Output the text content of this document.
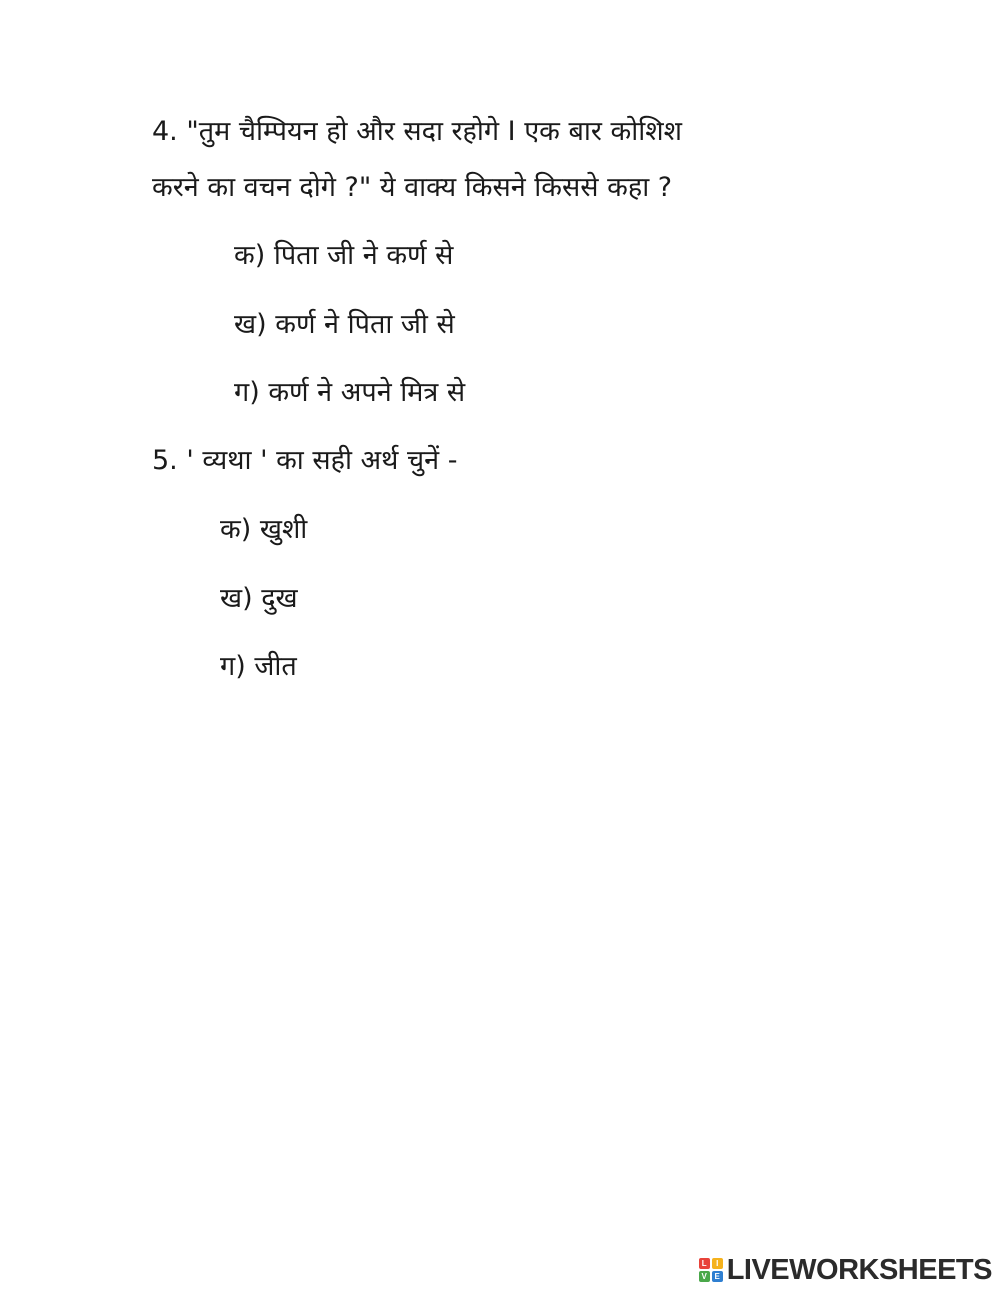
4. "तुम चैम्पियन हो और सदा रहोगे I एक बार कोशिश
करने का वचन दोगे ?" ये वाक्य किसने किससे कहा ?
क) पिता जी ने कर्ण से
ख) कर्ण ने पिता जी से
ग) कर्ण ने अपने मित्र से
5. ' व्यथा ' का सही अर्थ चुनें -
क) खुशी
ख) दुख
ग) जीत
L	I
V E LIVEWORKSHEETS
